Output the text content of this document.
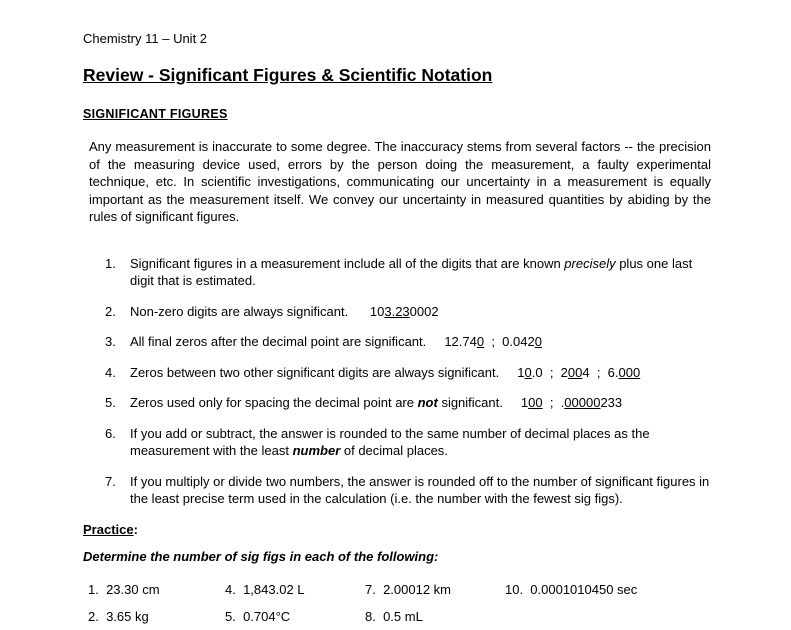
Chemistry 11 – Unit 2
Review - Significant Figures & Scientific Notation
SIGNIFICANT FIGURES

Any measurement is inaccurate to some degree. The inaccuracy stems from several factors -- the precision of the measuring device used, errors by the person doing the measurement, a faulty experimental technique, etc. In scientific investigations, communicating our uncertainty in a measurement is equally important as the measurement itself. We convey our uncertainty in measured quantities by abiding by the rules of significant figures.

1.	Significant figures in a measurement include all of the digits that are known precisely plus one last digit that is estimated.
2.	Non-zero digits are always significant.      103.230002
3.	All final zeros after the decimal point are significant.     12.740  ;  0.0420
4.	Zeros between two other significant digits are always significant.     10.0  ;  2004  ;  6.000
5.	Zeros used only for spacing the decimal point are not significant.     100  ;  .00000233
6.	If you add or subtract, the answer is rounded to the same number of decimal places as the measurement with the least number of decimal places.
7.	If you multiply or divide two numbers, the answer is rounded off to the number of significant figures in the least precise term used in the calculation (i.e. the number with the fewest sig figs).
Practice:
Determine the number of sig figs in each of the following:
1.  23.30 cm	4.  1,843.02 L	7.  2.00012 km	10.  0.0001010450 sec
2.  3.65 kg	5.  0.704°C	8.  0.5 mL
